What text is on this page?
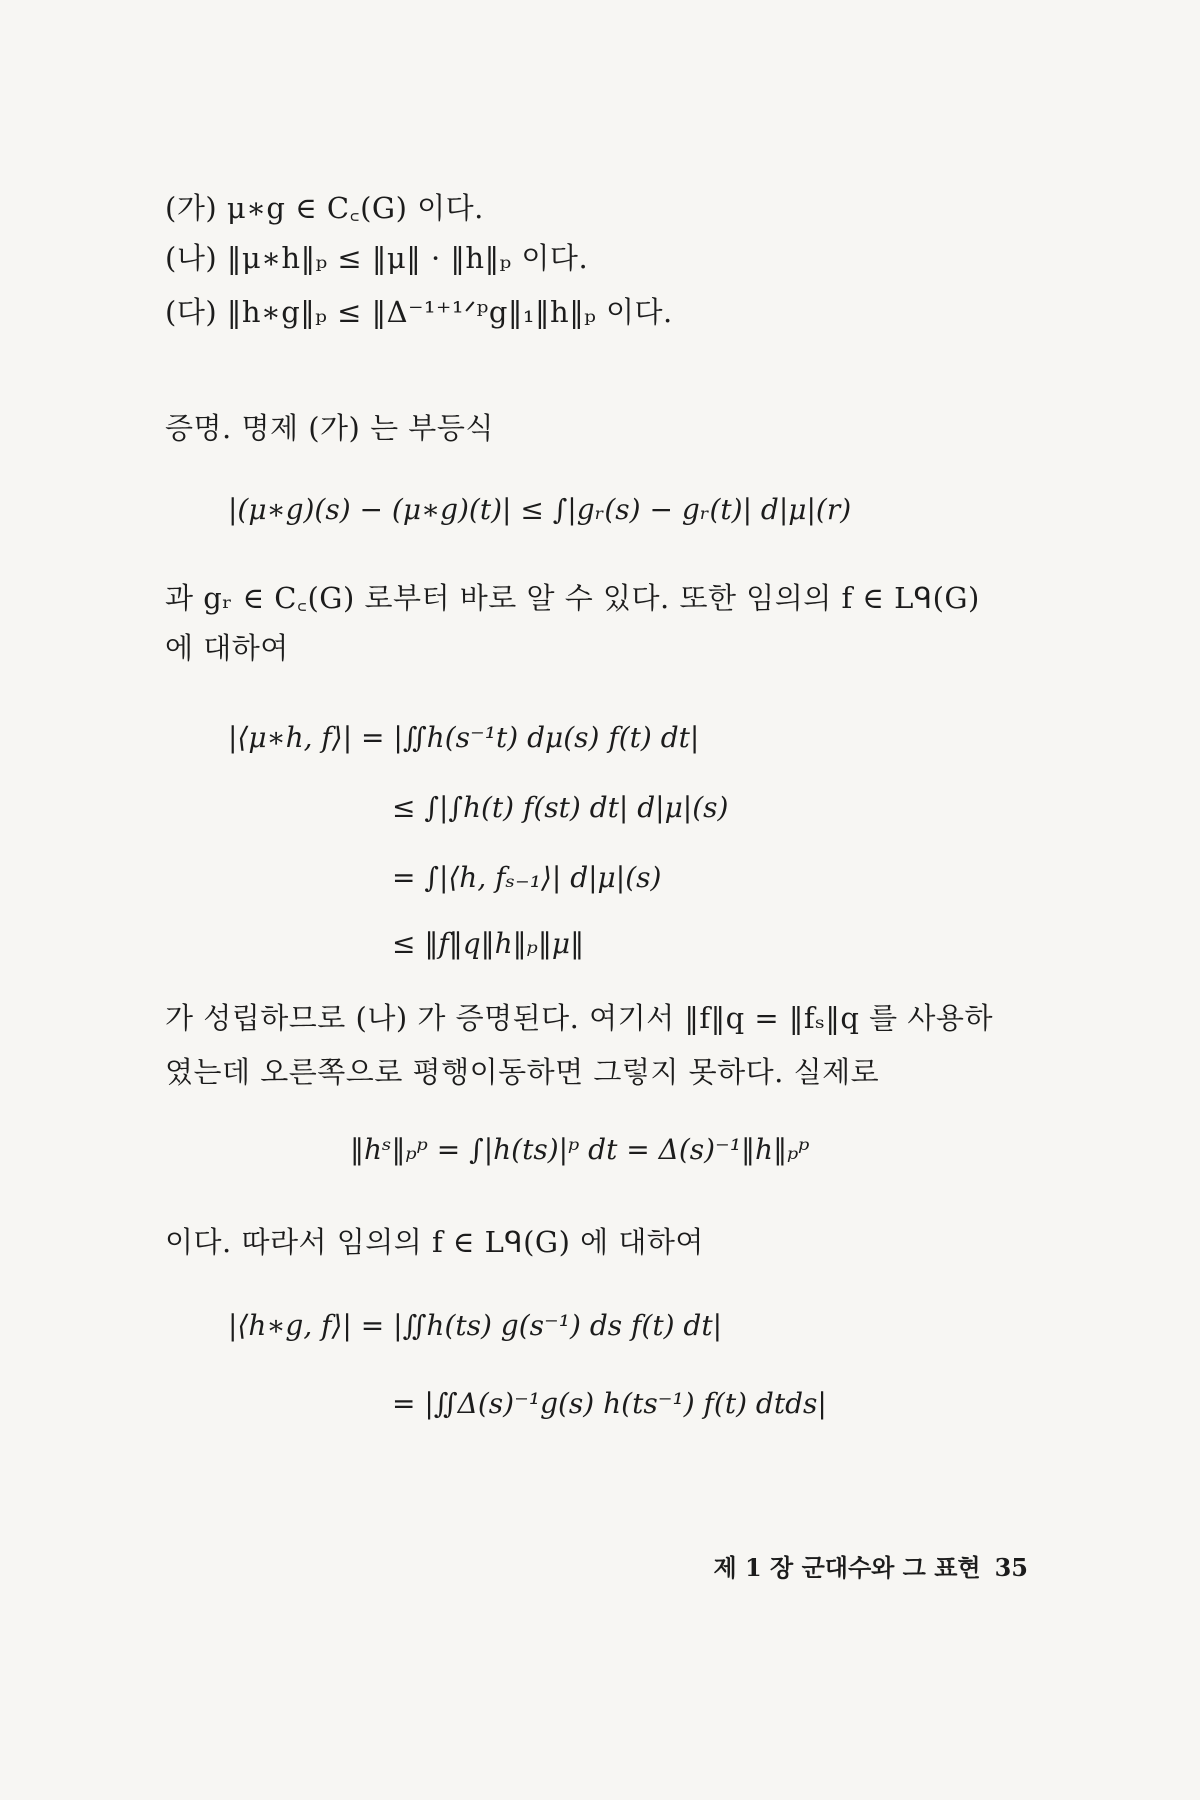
(가) μ∗g ∈ C꜀(G) 이다.
(나) ‖μ∗h‖ₚ ≤ ‖μ‖ · ‖h‖ₚ 이다.
(다) ‖h∗g‖ₚ ≤ ‖Δ⁻¹⁺¹ᐟᵖg‖₁‖h‖ₚ 이다.
증명. 명제 (가) 는 부등식
|(μ∗g)(s) − (μ∗g)(t)| ≤ ∫|gᵣ(s) − gᵣ(t)| d|μ|(r)
과 gᵣ ∈ C꜀(G) 로부터 바로 알 수 있다. 또한 임의의 f ∈ Lᑫ(G)
에 대하여
|⟨μ∗h, f⟩| = |∬h(s⁻¹t) dμ(s) f(t) dt|
≤ ∫|∫h(t) f(st) dt| d|μ|(s)
= ∫|⟨h, fₛ₋₁⟩| d|μ|(s)
≤ ‖f‖q‖h‖ₚ‖μ‖
가 성립하므로 (나) 가 증명된다. 여기서 ‖f‖q = ‖fₛ‖q 를 사용하
였는데 오른쪽으로 평행이동하면 그렇지 못하다. 실제로
‖hˢ‖ₚᵖ = ∫|h(ts)|ᵖ dt = Δ(s)⁻¹‖h‖ₚᵖ
이다. 따라서 임의의 f ∈ Lᑫ(G) 에 대하여
|⟨h∗g, f⟩| = |∬h(ts) g(s⁻¹) ds f(t) dt|
= |∬Δ(s)⁻¹g(s) h(ts⁻¹) f(t) dtds|
제 1 장 군대수와 그 표현 35
